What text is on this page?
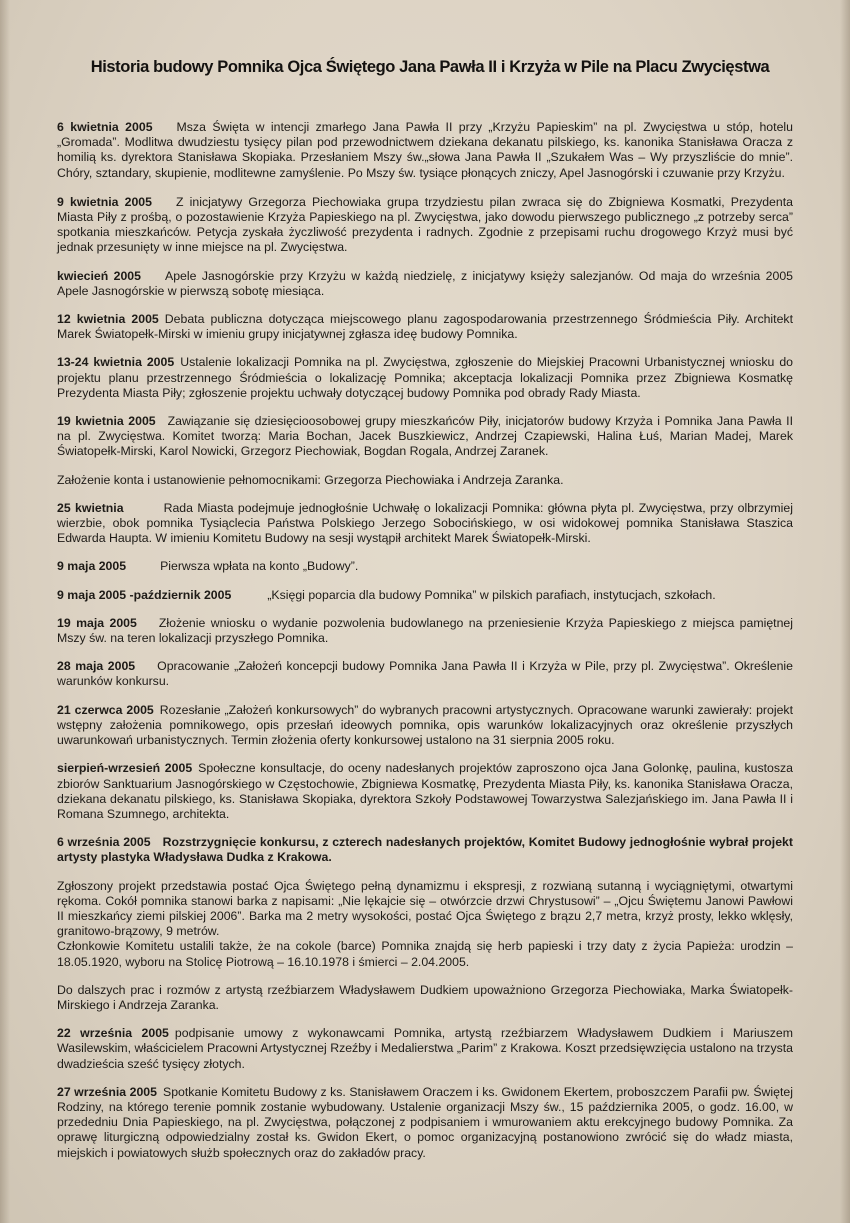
Historia budowy Pomnika Ojca Świętego Jana Pawła II i Krzyża w Pile na Placu Zwycięstwa

6 kwietnia 2005 Msza Święta w intencji zmarłego Jana Pawła II przy „Krzyżu Papieskim” na pl. Zwycięstwa u stóp, hotelu „Gromada”. Modlitwa dwudziestu tysięcy pilan pod przewodnictwem dziekana dekanatu pilskiego, ks. kanonika Stanisława Oracza z homilią ks. dyrektora Stanisława Skopiaka. Przesłaniem Mszy św.„słowa Jana Pawła II „Szukałem Was – Wy przyszliście do mnie”. Chóry, sztandary, skupienie, modlitewne zamyślenie. Po Mszy św. tysiące płonących zniczy, Apel Jasnogórski i czuwanie przy Krzyżu.

9 kwietnia 2005 Z inicjatywy Grzegorza Piechowiaka grupa trzydziestu pilan zwraca się do Zbigniewa Kosmatki, Prezydenta Miasta Piły z prośbą, o pozostawienie Krzyża Papieskiego na pl. Zwycięstwa, jako dowodu pierwszego publicznego „z potrzeby serca” spotkania mieszkańców. Petycja zyskała życzliwość prezydenta i radnych. Zgodnie z przepisami ruchu drogowego Krzyż musi być jednak przesunięty w inne miejsce na pl. Zwycięstwa.

kwiecień 2005 Apele Jasnogórskie przy Krzyżu w każdą niedzielę, z inicjatywy księży salezjanów. Od maja do września 2005 Apele Jasnogórskie w pierwszą sobotę miesiąca.

12 kwietnia 2005 Debata publiczna dotycząca miejscowego planu zagospodarowania przestrzennego Śródmieścia Piły. Architekt Marek Światopełk-Mirski w imieniu grupy inicjatywnej zgłasza ideę budowy Pomnika.

13-24 kwietnia 2005 Ustalenie lokalizacji Pomnika na pl. Zwycięstwa, zgłoszenie do Miejskiej Pracowni Urbanistycznej wniosku do projektu planu przestrzennego Śródmieścia o lokalizację Pomnika; akceptacja lokalizacji Pomnika przez Zbigniewa Kosmatkę Prezydenta Miasta Piły; zgłoszenie projektu uchwały dotyczącej budowy Pomnika pod obrady Rady Miasta.

19 kwietnia 2005 Zawiązanie się dziesięcioosobowej grupy mieszkańców Piły, inicjatorów budowy Krzyża i Pomnika Jana Pawła II na pl. Zwycięstwa. Komitet tworzą: Maria Bochan, Jacek Buszkiewicz, Andrzej Czapiewski, Halina Łuś, Marian Madej, Marek Światopełk-Mirski, Karol Nowicki, Grzegorz Piechowiak, Bogdan Rogala, Andrzej Zaranek.

Założenie konta i ustanowienie pełnomocnikami: Grzegorza Piechowiaka i Andrzeja Zaranka.

25 kwietnia	Rada Miasta podejmuje jednogłośnie Uchwałę o lokalizacji Pomnika: główna płyta pl. Zwycięstwa, przy olbrzymiej wierzbie, obok pomnika Tysiąclecia Państwa Polskiego Jerzego Sobocińskiego, w osi widokowej pomnika Stanisława Staszica Edwarda Haupta. W imieniu Komitetu Budowy na sesji wystąpił architekt Marek Światopełk-Mirski.

9 maja 2005	Pierwsza wpłata na konto „Budowy”.

9 maja 2005 -październik 2005	„Księgi poparcia dla budowy Pomnika” w pilskich parafiach, instytucjach, szkołach.

19 maja 2005 Złożenie wniosku o wydanie pozwolenia budowlanego na przeniesienie Krzyża Papieskiego z miejsca pamiętnej Mszy św. na teren lokalizacji przyszłego Pomnika.

28 maja 2005 Opracowanie „Założeń koncepcji budowy Pomnika Jana Pawła II i Krzyża w Pile, przy pl. Zwycięstwa”. Określenie warunków konkursu.

21 czerwca 2005 Rozesłanie „Założeń konkursowych” do wybranych pracowni artystycznych. Opracowane warunki zawierały: projekt wstępny założenia pomnikowego, opis przesłań ideowych pomnika, opis warunków lokalizacyjnych oraz określenie przyszłych uwarunkowań urbanistycznych. Termin złożenia oferty konkursowej ustalono na 31 sierpnia 2005 roku.

sierpień-wrzesień 2005 Społeczne konsultacje, do oceny nadesłanych projektów zaproszono ojca Jana Golonkę, paulina, kustosza zbiorów Sanktuarium Jasnogórskiego w Częstochowie, Zbigniewa Kosmatkę, Prezydenta Miasta Piły, ks. kanonika Stanisława Oracza, dziekana dekanatu pilskiego, ks. Stanisława Skopiaka, dyrektora Szkoły Podstawowej Towarzystwa Salezjańskiego im. Jana Pawła II i Romana Szumnego, architekta.

6 września 2005 Rozstrzygnięcie konkursu, z czterech nadesłanych projektów, Komitet Budowy jednogłośnie wybrał projekt artysty plastyka Władysława Dudka z Krakowa.

Zgłoszony projekt przedstawia postać Ojca Świętego pełną dynamizmu i ekspresji, z rozwianą sutanną i wyciągniętymi, otwartymi rękoma. Cokół pomnika stanowi barka z napisami: „Nie lękajcie się – otwórzcie drzwi Chrystusowi” – „Ojcu Świętemu Janowi Pawłowi II mieszkańcy ziemi pilskiej 2006”. Barka ma 2 metry wysokości, postać Ojca Świętego z brązu 2,7 metra, krzyż prosty, lekko wklęsły, granitowo-brązowy, 9 metrów.

Członkowie Komitetu ustalili także, że na cokole (barce) Pomnika znajdą się herb papieski i trzy daty z życia Papieża: urodzin – 18.05.1920, wyboru na Stolicę Piotrową – 16.10.1978 i śmierci – 2.04.2005.

Do dalszych prac i rozmów z artystą rzeźbiarzem Władysławem Dudkiem upoważniono Grzegorza Piechowiaka, Marka Światopełk-Mirskiego i Andrzeja Zaranka.

22 września 2005 podpisanie umowy z wykonawcami Pomnika, artystą rzeźbiarzem Władysławem Dudkiem i Mariuszem Wasilewskim, właścicielem Pracowni Artystycznej Rzeźby i Medalierstwa „Parim” z Krakowa. Koszt przedsięwzięcia ustalono na trzysta dwadzieścia sześć tysięcy złotych.

27 września 2005 Spotkanie Komitetu Budowy z ks. Stanisławem Oraczem i ks. Gwidonem Ekertem, proboszczem Parafii pw. Świętej Rodziny, na którego terenie pomnik zostanie wybudowany. Ustalenie organizacji Mszy św., 15 października 2005, o godz. 16.00, w przededniu Dnia Papieskiego, na pl. Zwycięstwa, połączonej z podpisaniem i wmurowaniem aktu erekcyjnego budowy Pomnika. Za oprawę liturgiczną odpowiedzialny został ks. Gwidon Ekert, o pomoc organizacyjną postanowiono zwrócić się do władz miasta, miejskich i powiatowych służb społecznych oraz do zakładów pracy.
